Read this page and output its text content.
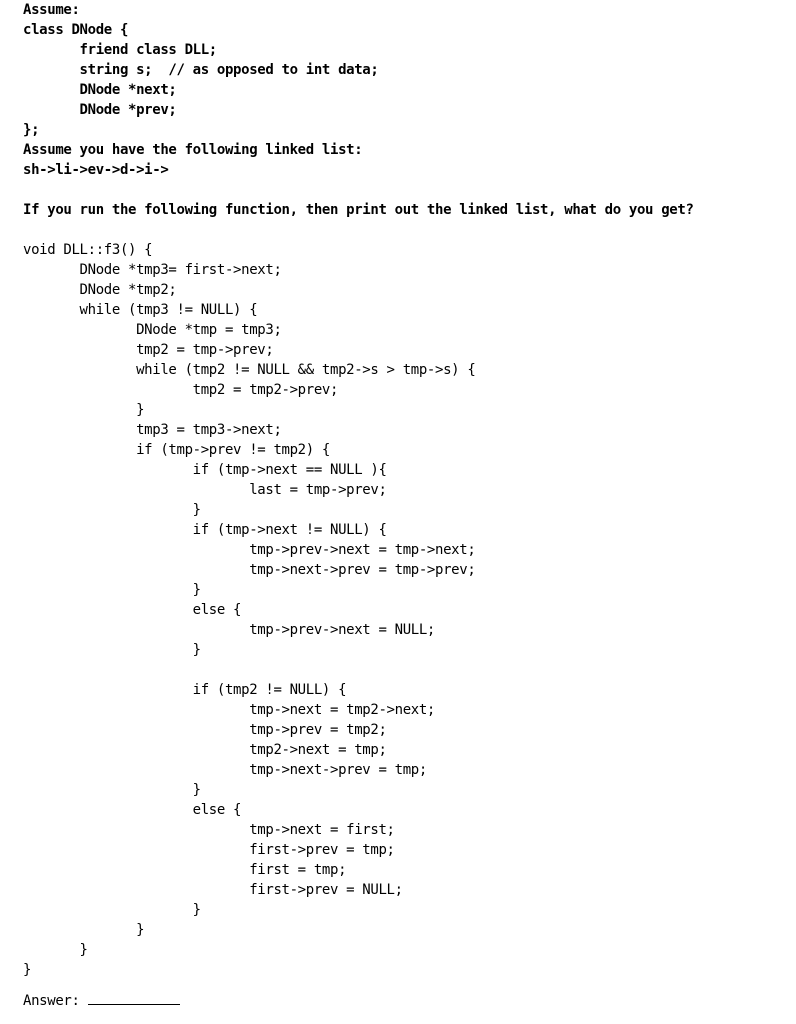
Assume:
class DNode {
friend class DLL;
string s;  // as opposed to int data;
DNode *next;
DNode *prev;
};
Assume you have the following linked list:
sh->li->ev->d->i->
If you run the following function, then print out the linked list, what do you get?
void DLL::f3() {
DNode *tmp3= first->next;
DNode *tmp2;
while (tmp3 != NULL) {
DNode *tmp = tmp3;
tmp2 = tmp->prev;
while (tmp2 != NULL && tmp2->s > tmp->s) {
tmp2 = tmp2->prev;
}
tmp3 = tmp3->next;
if (tmp->prev != tmp2) {
if (tmp->next == NULL ){
last = tmp->prev;
}
if (tmp->next != NULL) {
tmp->prev->next = tmp->next;
tmp->next->prev = tmp->prev;
}
else {
tmp->prev->next = NULL;
}
if (tmp2 != NULL) {
tmp->next = tmp2->next;
tmp->prev = tmp2;
tmp2->next = tmp;
tmp->next->prev = tmp;
}
else {
tmp->next = first;
first->prev = tmp;
first = tmp;
first->prev = NULL;
}
}
}
}
Answer:
